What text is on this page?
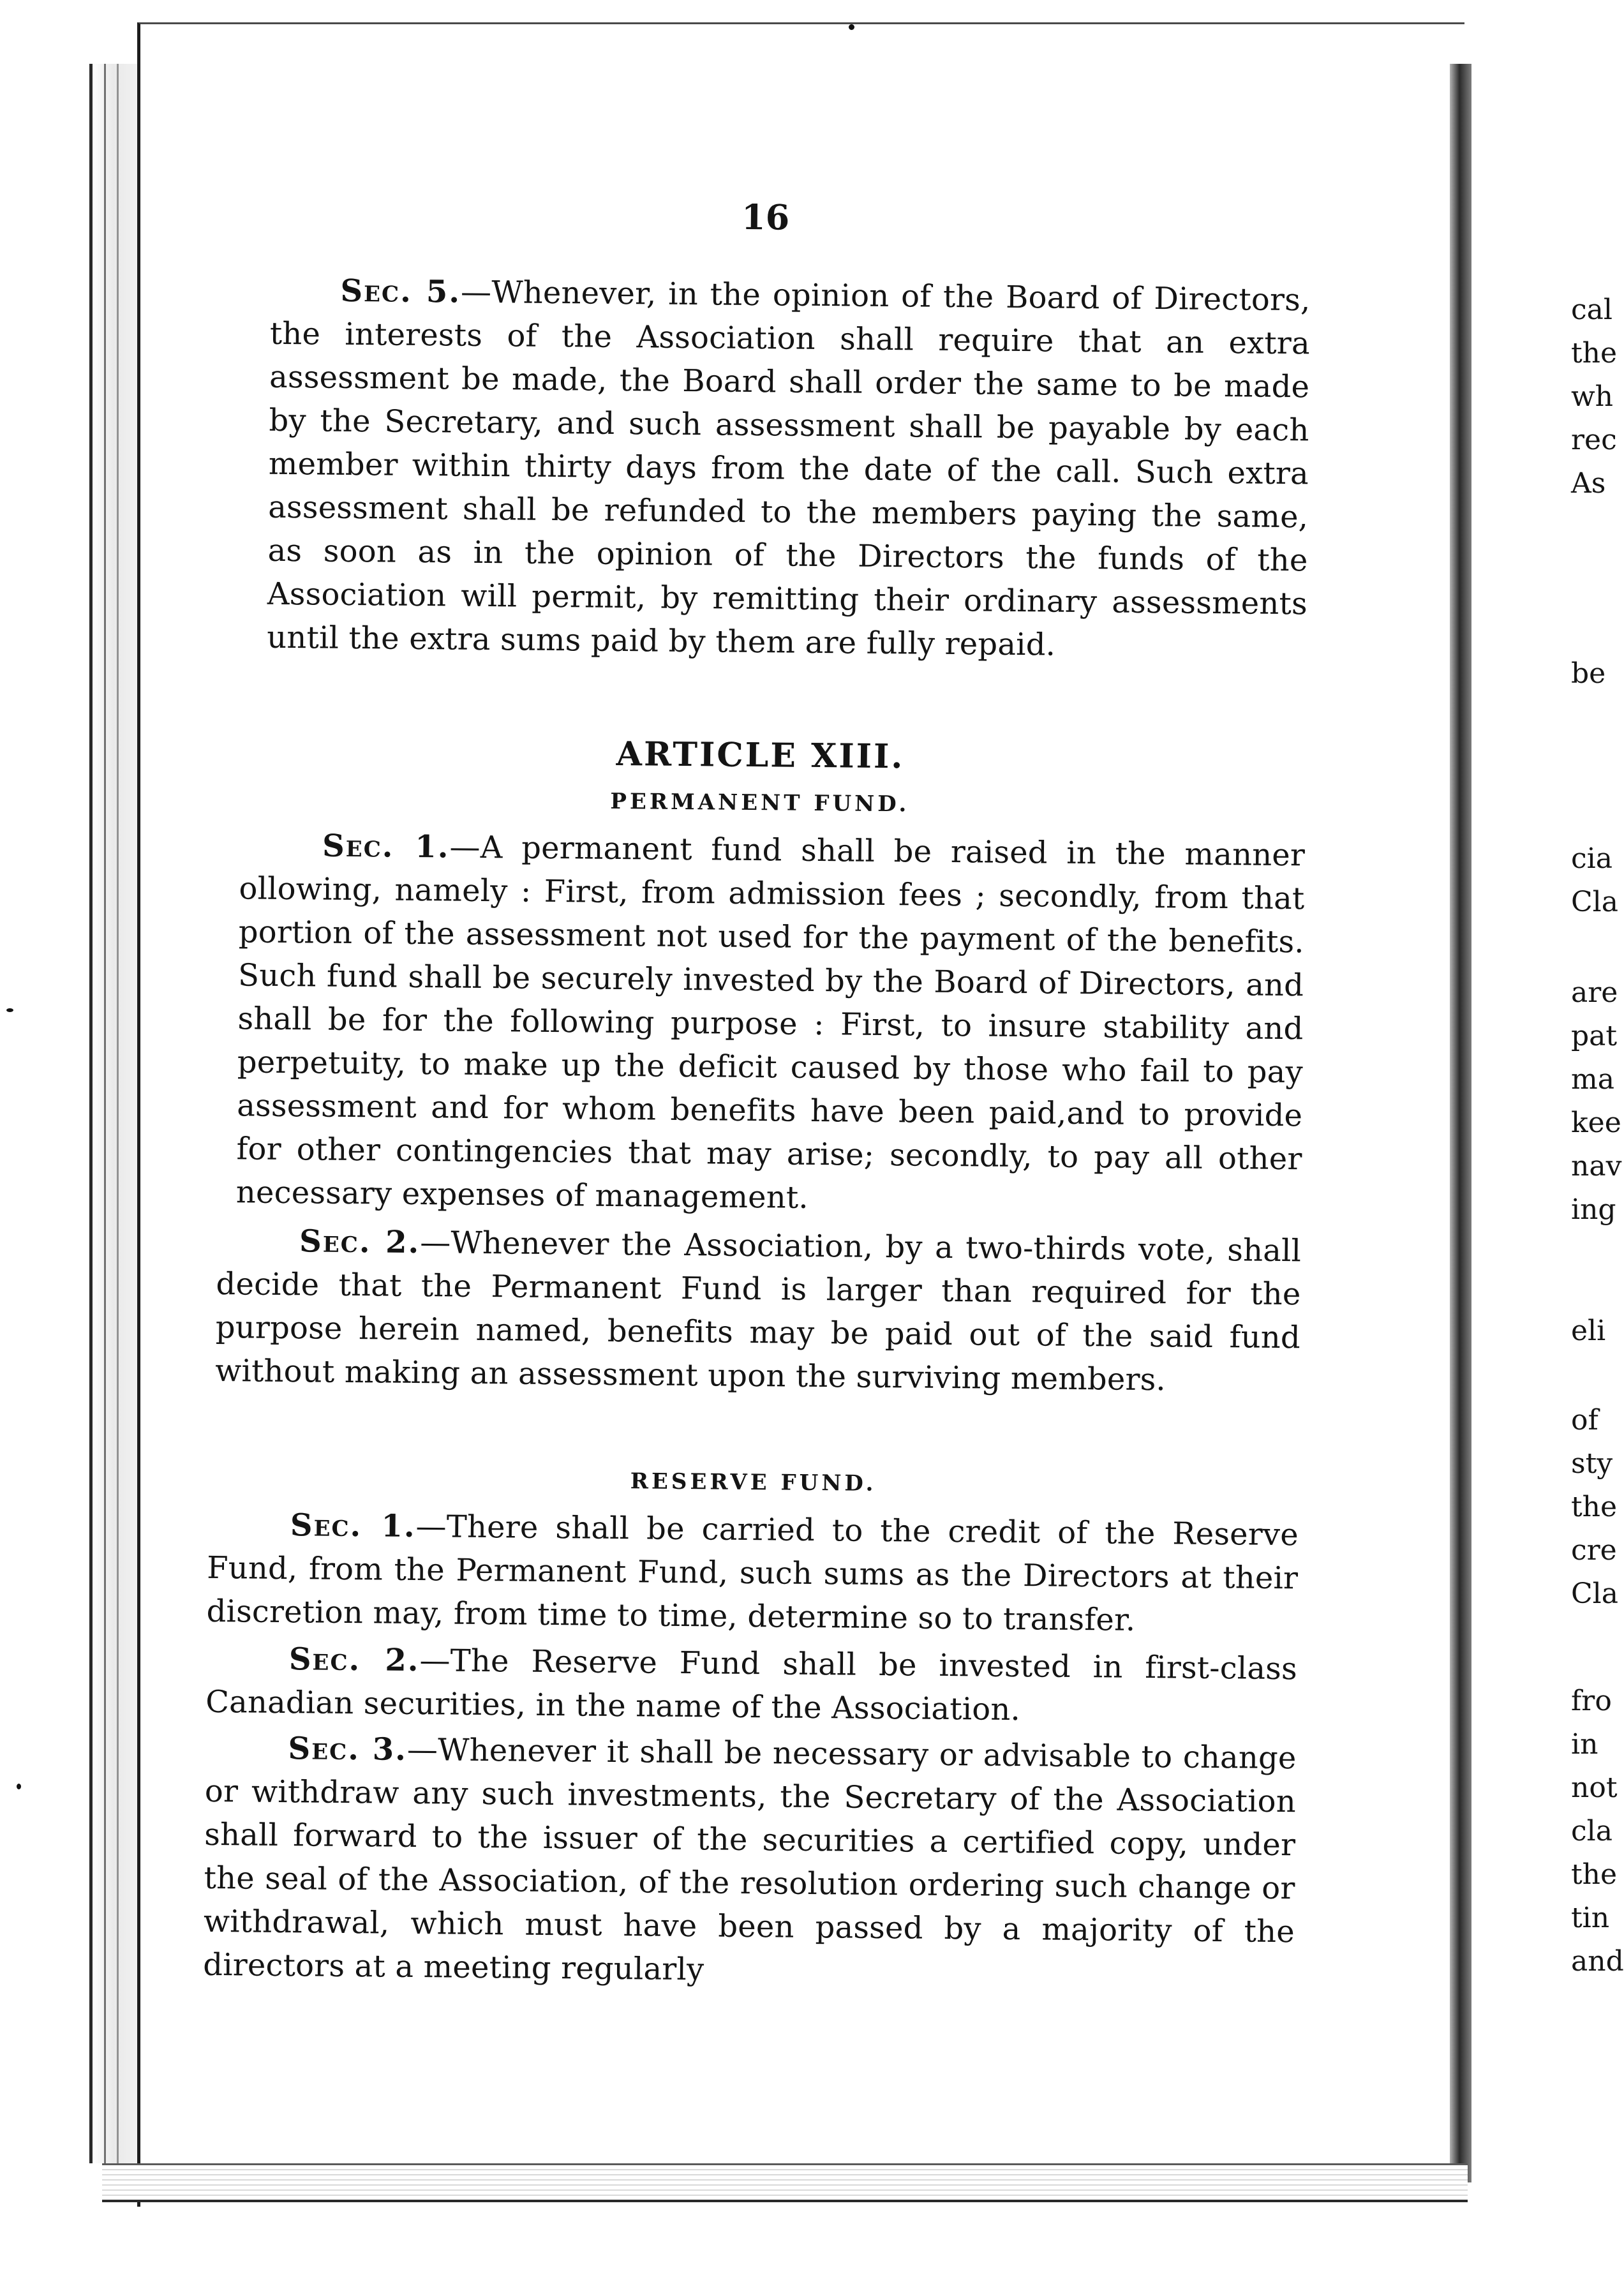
16

Sec. 5.—Whenever, in the opinion of the Board of Directors, the interests of the Association shall require that an extra assessment be made, the Board shall order the same to be made by the Secretary, and such assessment shall be payable by each member within thirty days from the date of the call. Such extra assessment shall be refunded to the members paying the same, as soon as in the opinion of the Directors the funds of the Association will permit, by remitting their ordinary assessments until the extra sums paid by them are fully repaid.

ARTICLE XIII.
PERMANENT FUND.

Sec. 1.—A permanent fund shall be raised in the manner ollowing, namely : First, from admission fees ; secondly, from that portion of the assessment not used for the payment of the benefits. Such fund shall be securely invested by the Board of Directors, and shall be for the following purpose : First, to insure stability and perpetuity, to make up the deficit caused by those who fail to pay assessment and for whom benefits have been paid,and to provide for other contingencies that may arise; secondly, to pay all other necessary expenses of management.

Sec. 2.—Whenever the Association, by a two-thirds vote, shall decide that the Permanent Fund is larger than required for the purpose herein named, benefits may be paid out of the said fund without making an assessment upon the surviving members.

RESERVE FUND.

Sec. 1.—There shall be carried to the credit of the Reserve Fund, from the Permanent Fund, such sums as the Directors at their discretion may, from time to time, determine so to transfer.

Sec. 2.—The Reserve Fund shall be invested in first-class Canadian securities, in the name of the Association.

Sec. 3.—Whenever it shall be necessary or advisable to change or withdraw any such investments, the Secretary of the Association shall forward to the issuer of the securities a certified copy, under the seal of the Association, of the resolution ordering such change or withdrawal, which must have been passed by a majority of the directors at a meeting regularly

cal
the
wh
rec
As
be
cia
Cla
are
pat
ma
kee
nav
ing
eli
of
sty
the
cre
Cla
fro
in
not
cla
the
tin
and
